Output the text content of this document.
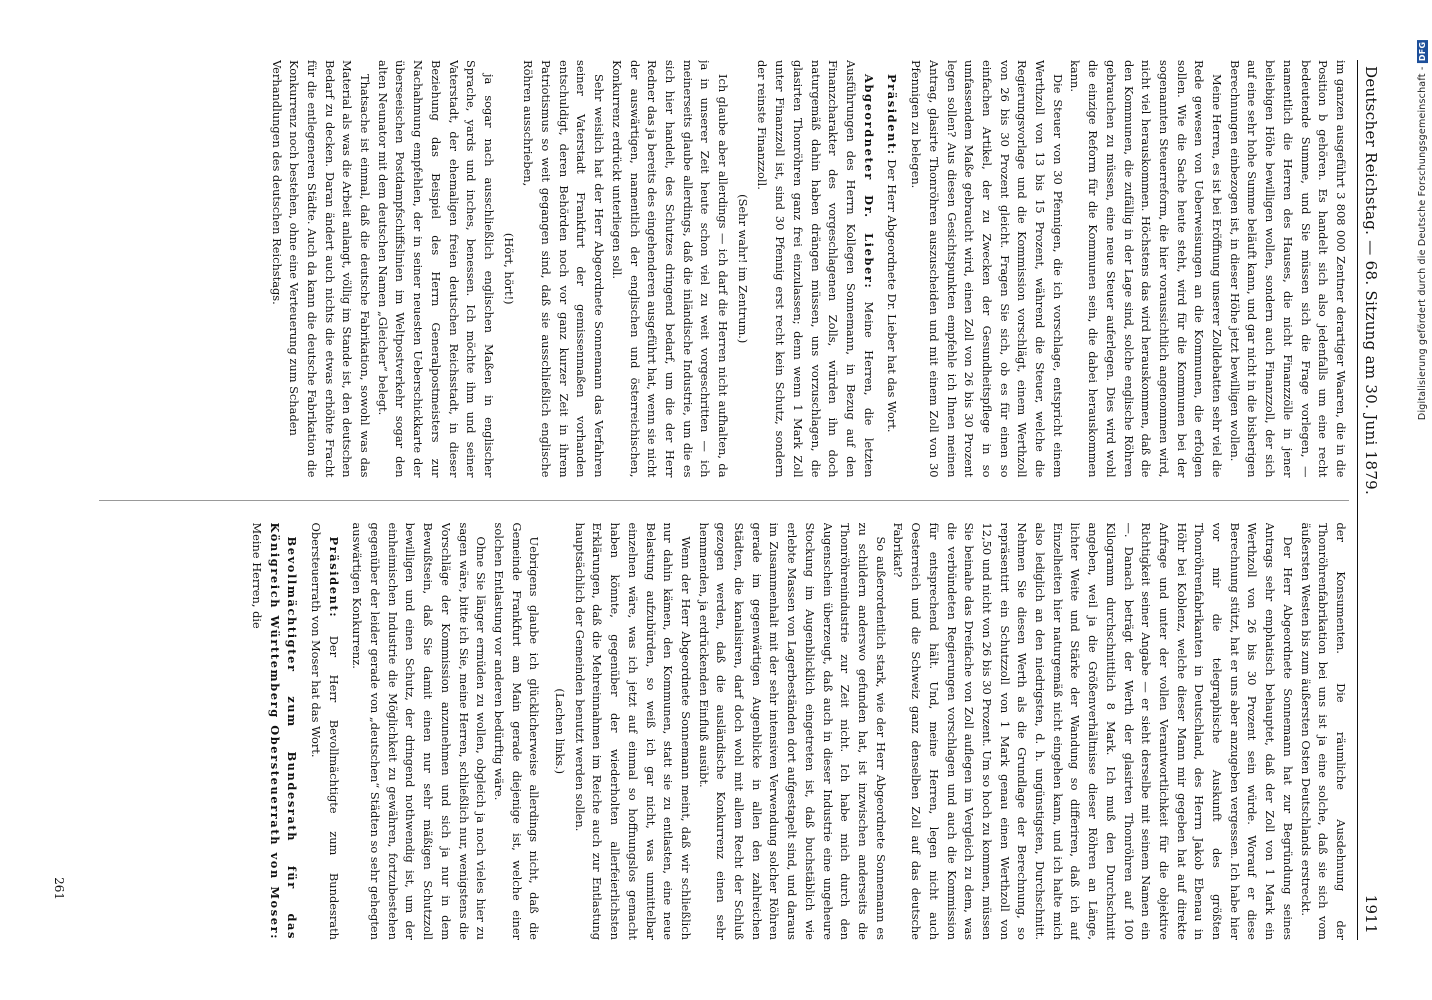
Deutscher Reichstag. — 68. Sitzung am 30. Juni 1879.
1911

im ganzen ausgeführt 3 808 000 Zentner derartiger Waaren, die in die Position b gehören. Es handelt sich also jedenfalls um eine recht bedeutende Summe, und Sie müssen sich die Frage vorlegen, — namentlich die Herren des Hauses, die nicht Finanzzölle in jener beliebigen Höhe bewilligen wollen, sondern auch Finanzzoll, der sich auf eine sehr hohe Summe beläuft kann, und gar nicht in die bisherigen Berechnungen einbezogen ist, in dieser Höhe jetzt bewilligen wollen.

Meine Herren, es ist bei Eröffnung unserer Zolldebatten sehr viel die Rede gewesen von Ueberweisungen an die Kommunen, die erfolgen sollen. Wie die Sache heute steht, wird für die Kommunen bei der sogenannten Steuerreform, die hier voraussichtlich angenommen wird, nicht viel herauskommen. Höchstens das wird herauskommen, daß die den Kommunen, die zufällig in der Lage sind, solche englische Röhren gebrauchen zu müssen, eine neue Steuer auferlegen. Dies wird wohl die einzige Reform für die Kommunen sein, die dabei herauskommen kann.

Die Steuer von 30 Pfennigen, die ich vorschlage, entspricht einem Werthzoll von 13 bis 15 Prozent, während die Steuer, welche die Regierungsvorlage und die Kommission vorschlägt, einem Werthzoll von 26 bis 30 Prozent gleicht. Fragen Sie sich, ob es für einen so einfachen Artikel, der zu Zwecken der Gesundheitspflege in so umfassendem Maße gebraucht wird, einen Zoll von 26 bis 30 Prozent legen sollen? Aus diesen Gesichtspunkten empfehle ich Ihnen meinen Antrag, glasirte Thonröhren auszuscheiden und mit einem Zoll von 30 Pfennigen zu belegen.

Präsident: Der Herr Abgeordnete Dr. Lieber hat das Wort.

Abgeordneter Dr. Lieber: Meine Herren, die letzten Ausführungen des Herrn Kollegen Sonnemann, in Bezug auf den Finanzcharakter des vorgeschlagenen Zolls, würden ihn doch naturgemäß dahin haben drängen müssen, uns vorzuschlagen, die glasirten Thonröhren ganz frei einzulassen; denn wenn 1 Mark Zoll unter Finanzzoll ist, sind 30 Pfennig erst recht kein Schutz, sondern der reinste Finanzzoll.

(Sehr wahr! im Zentrum.)

Ich glaube aber allerdings — ich darf die Herren nicht aufhalten, da ja in unserer Zeit heute schon viel zu weit vorgeschritten — ich meinerseits glaube allerdings, daß die inländische Industrie, um die es sich hier handelt, des Schutzes dringend bedarf, um die der Herr Redner das ja bereits des eingehenderen ausgeführt hat, wenn sie nicht der auswärtigen, namentlich der englischen und österreichischen, Konkurrenz erdrückt unterliegen soll.

Sehr weislich hat der Herr Abgeordnete Sonnemann das Verfahren seiner Vaterstadt Frankfurt der gemissenmaßen vorhanden entschuldigt, deren Behörden noch vor ganz kurzer Zeit in ihrem Patriotismus so weit gegangen sind, daß sie ausschließlich englische Röhren ausschrieben,

(Hört, hört!)

ja sogar nach ausschließlich englischen Maßen in englischer Sprache, yards und inches, benessen. Ich möchte ihm und seiner Vaterstadt, der ehemaligen freien deutschen Reichsstadt, in dieser Beziehung das Beispiel des Herrn Generalpostmeisters zur Nachahmung empfehlen, der in seiner neuesten Ueberschickkarte der überseeischen Postdampfschiffslinien im Weltpostverkehr sogar den alten Neunator mit dem deutschen Namen „Gleicher“ belegt.

Thatsache ist einmal, daß die deutsche Fabrikation, sowohl was das Material als was die Arbeit anlangt, völlig im Stande ist, den deutschen Bedarf zu decken. Daran ändert auch nichts die etwas erhöhte Fracht für die entlegeneren Städte. Auch da kann die deutsche Fabrikation die Konkurrenz noch bestehen, ohne eine Verteuerung zum Schaden

Verhandlungen des deutschen Reichstags.

der Konsumenten. Die räumliche Ausdehnung der Thonröhrenfabrikation bei uns ist ja eine solche, daß sie sich vom äußersten Westen bis zum äußersten Osten Deutschlands erstreckt.

Der Herr Abgeordnete Sonnemann hat zur Begründung seines Antrags sehr emphatisch behauptet, daß der Zoll von 1 Mark ein Werthzoll von 26 bis 30 Prozent sein würde. Worauf er diese Berechnung stützt, hat er uns aber anzugeben vergessen. Ich habe hier vor mir die telegraphische Auskunft des größten Thonröhrenfabrikanten in Deutschland, des Herrn Jakob Ebenau in Höhr bei Koblenz, welche dieser Mann mir gegeben hat auf direkte Anfrage und unter der vollen Verantwortlichkeit für die objektive Richtigkeit seiner Angabe — er sieht derselbe mit seinem Namen ein —. Danach beträgt der Werth der glasirten Thonröhren auf 100 Kilogramm durchschnittlich 8 Mark. Ich muß den Durchschnitt angeben, weil ja die Größenverhältnisse dieser Röhren an Länge, lichter Weite und Stärke der Wandung so differiren, daß ich auf Einzelheiten hier naturgemäß nicht eingehen kann, und ich halte mich also lediglich an den niedrigsten, d. h. ungünstigsten, Durchschnitt. Nehmen Sie diesen Werth als die Grundlage der Berechnung, so repräsentirt ein Schutzzoll von 1 Mark genau einen Werthzoll von 12,50 und nicht von 26 bis 30 Prozent. Um so hoch zu kommen, müssen Sie beinahe das Dreifache von Zoll auflegen im Vergleich zu dem, was die verbündeten Regierungen vorschlagen und auch die Kommission für entsprechend hält. Und, meine Herren, legen nicht auch Oesterreich und die Schweiz ganz denselben Zoll auf das deutsche Fabrikat?

So außerordentlich stark, wie der Herr Abgeordnete Sonnemann es zu schildern anderswo gefunden hat, ist inzwischen anderseits die Thonröhrenindustrie zur Zeit nicht. Ich habe mich durch den Augenschein überzeugt, daß auch in dieser Industrie eine ungeheure Stockung im Augenblicklich eingetreten ist, daß buchstäblich wie erlebte Massen von Lagerbeständen dort aufgestapelt sind, und daraus im Zusammenhalt mit der sehr intensiven Verwendung solcher Röhren gerade im gegenwärtigen Augenblicke in allen den zahlreichen Städten, die kanalisiren, darf doch wohl mit allem Recht der Schluß gezogen werden, daß die ausländische Konkurrenz einen sehr hemmenden, ja erdrückenden Einfluß ausübt.

Wenn der Herr Abgeordnete Sonnemann meint, daß wir schließlich nur dahin kämen, den Kommunen, statt sie zu entlasten, eine neue Belastung aufzubürden, so weiß ich gar nicht, was unmittelbar einzelnen wäre, was ich jetzt auf einmal so hoffnungslos gemacht haben könnte, gegenüber der wiederholten allerfeierlichsten Erklärungen, daß die Mehreinnahmen im Reiche auch zur Entlastung hauptsächlich der Gemeinden benutzt werden sollen.

(Lachen links.)

Uebrigens glaube ich glücklicherweise allerdings nicht, daß die Gemeinde Frankfurt am Main gerade diejenige ist, welche einer solchen Entlastung vor anderen bedürftig wäre.

Ohne Sie länger ermüden zu wollen, obgleich ja noch vieles hier zu sagen wäre, bitte ich Sie, meine Herren, schließlich nur, wenigstens die Vorschläge der Kommission anzunehmen und sich ja nur in dem Bewußtsein, daß Sie damit einen nur sehr mäßigen Schutzzoll bewilligen und einen Schutz, der dringend nothwendig ist, um der einheimischen Industrie die Möglichkeit zu gewähren, fortzubestehen gegenüber der leider gerade von „deutschen“ Städten so sehr gehegten auswärtigen Konkurrenz.

Präsident: Der Herr Bevollmächtigte zum Bundesrath Obersteuerrath von Moser hat das Wort.

Bevollmächtigter zum Bundesrath für das Königreich Württemberg Obersteuerrath von Moser: Meine Herren, die

261
Digitalisierung gefördert durch die Deutsche Forschungsgemeinschaft - DFG
